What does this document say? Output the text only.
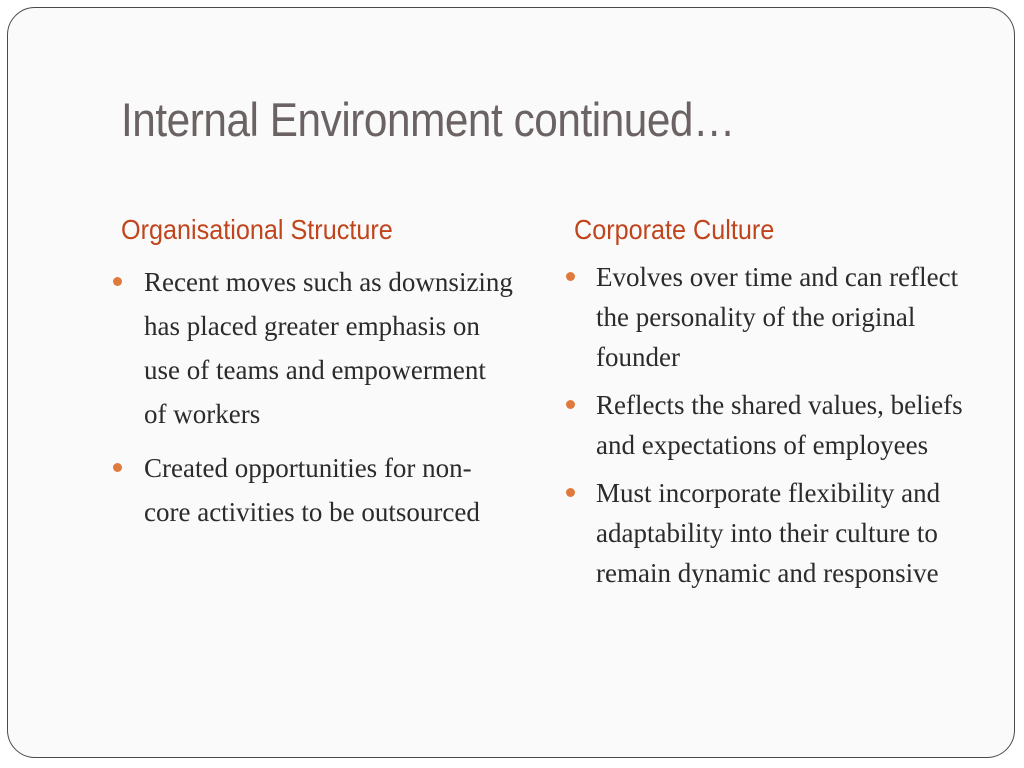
Internal Environment continued…
Organisational Structure	Corporate Culture
Recent moves such as downsizing has placed greater emphasis on use of teams and empowerment of workers
Created opportunities for non-core activities to be outsourced
Evolves over time and can reflect the personality of the original founder
Reflects the shared values, beliefs and expectations of employees
Must incorporate flexibility and adaptability into their culture to remain dynamic and responsive
